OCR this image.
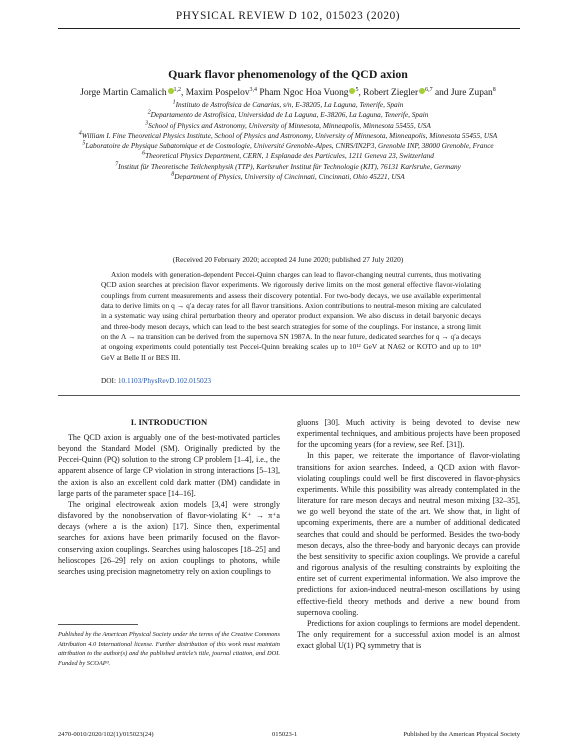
PHYSICAL REVIEW D 102, 015023 (2020)
Quark flavor phenomenology of the QCD axion
Jorge Martin Camalich $^{1,2}$, Maxim Pospelov$^{3,4}$ Pham Ngoc Hoa Vuong $^5$, Robert Ziegler $^{6,7}$ and Jure Zupan$^8$

$^1$Instituto de Astrofísica de Canarias, s/n, E-38205, La Laguna, Tenerife, Spain

$^2$Departamento de Astrofísica, Universidad de La Laguna, E-38206, La Laguna, Tenerife, Spain

$^3$School of Physics and Astronomy, University of Minnesota, Minneapolis, Minnesota 55455, USA

$^4$William I. Fine Theoretical Physics Institute, School of Physics and Astronomy, University of Minnesota, Minneapolis, Minnesota 55455, USA

$^5$Laboratoire de Physique Subatomique et de Cosmologie, Université Grenoble-Alpes, CNRS/IN2P3, Grenoble INP, 38000 Grenoble, France

$^6$Theoretical Physics Department, CERN, 1 Esplanade des Particules, 1211 Geneva 23, Switzerland

$^7$Institut für Theoretische Teilchenphysik (TTP), Karlsruher Institut für Technologie (KIT), 76131 Karlsruhe, Germany

$^8$Department of Physics, University of Cincinnati, Cincinnati, Ohio 45221, USA

(Received 20 February 2020; accepted 24 June 2020; published 27 July 2020)

Axion models with generation-dependent Peccei-Quinn charges can lead to flavor-changing neutral currents, thus motivating QCD axion searches at precision flavor experiments. We rigorously derive limits on the most general effective flavor-violating couplings from current measurements and assess their discovery potential. For two-body decays, we use available experimental data to derive limits on q → q′a decay rates for all flavor transitions. Axion contributions to neutral-meson mixing are calculated in a systematic way using chiral perturbation theory and operator product expansion. We also discuss in detail baryonic decays and three-body meson decays, which can lead to the best search strategies for some of the couplings. For instance, a strong limit on the Λ → na transition can be derived from the supernova SN 1987A. In the near future, dedicated searches for q → q′a decays at ongoing experiments could potentially test Peccei-Quinn breaking scales up to 10¹² GeV at NA62 or KOTO and up to 10⁹ GeV at Belle II or BES III.

DOI: 10.1103/PhysRevD.102.015023
I. INTRODUCTION

The QCD axion is arguably one of the best-motivated particles beyond the Standard Model (SM). Originally predicted by the Peccei-Quinn (PQ) solution to the strong CP problem [1–4], i.e., the apparent absence of large CP violation in strong interactions [5–13], the axion is also an excellent cold dark matter (DM) candidate in large parts of the parameter space [14–16].

The original electroweak axion models [3,4] were strongly disfavored by the nonobservation of flavor-violating K⁺ → π⁺a decays (where a is the axion) [17]. Since then, experimental searches for axions have been primarily focused on the flavor-conserving axion couplings. Searches using haloscopes [18–25] and helioscopes [26–29] rely on axion couplings to photons, while searches using precision magnetometry rely on axion couplings to

gluons [30]. Much activity is being devoted to devise new experimental techniques, and ambitious projects have been proposed for the upcoming years (for a review, see Ref. [31]).

In this paper, we reiterate the importance of flavor-violating transitions for axion searches. Indeed, a QCD axion with flavor-violating couplings could well be first discovered in flavor-physics experiments. While this possibility was already contemplated in the literature for rare meson decays and neutral meson mixing [32–35], we go well beyond the state of the art. We show that, in light of upcoming experiments, there are a number of additional dedicated searches that could and should be performed. Besides the two-body meson decays, also the three-body and baryonic decays can provide the best sensitivity to specific axion couplings. We provide a careful and rigorous analysis of the resulting constraints by exploiting the entire set of current experimental information. We also improve the predictions for axion-induced neutral-meson oscillations by using effective-field theory methods and derive a new bound from supernova cooling.

Predictions for axion couplings to fermions are model dependent. The only requirement for a successful axion model is an almost exact global U(1) PQ symmetry that is

Published by the American Physical Society under the terms of the Creative Commons Attribution 4.0 International license. Further distribution of this work must maintain attribution to the author(s) and the published article’s title, journal citation, and DOI. Funded by SCOAP³.
2470-0010/2020/102(1)/015023(24)	015023-1	Published by the American Physical Society
